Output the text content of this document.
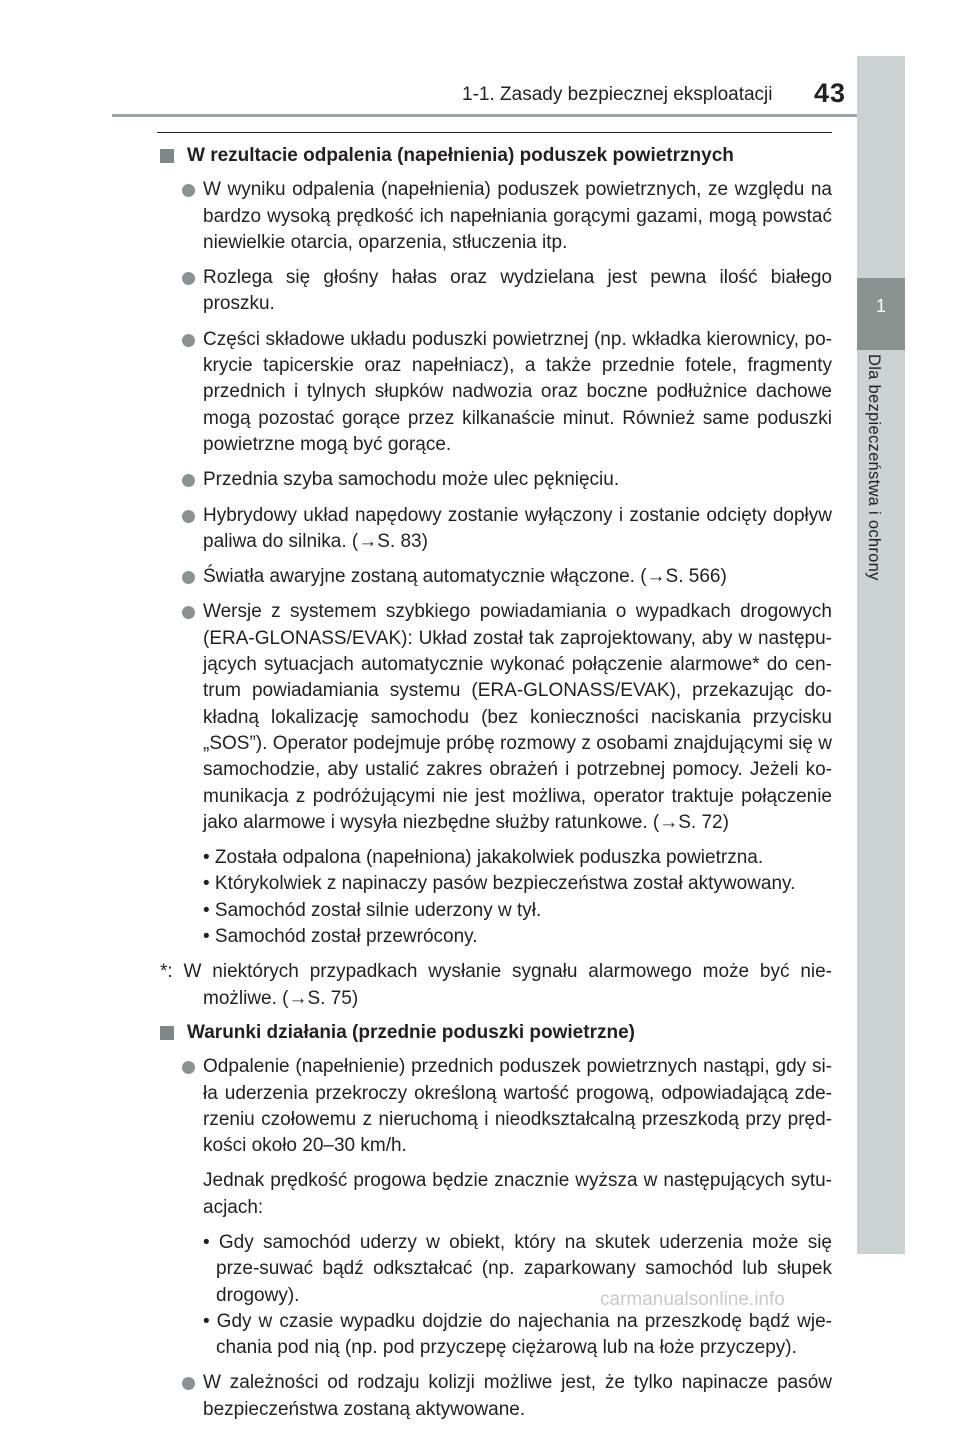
1-1. Zasady bezpiecznej eksploatacji 43
1
Dla bezpieczeństwa i ochrony
W rezultacie odpalenia (napełnienia) poduszek powietrznych
W wyniku odpalenia (napełnienia) poduszek powietrznych, ze względu na bardzo wysoką prędkość ich napełniania gorącymi gazami, mogą powstać niewielkie otarcia, oparzenia, stłuczenia itp.
Rozlega się głośny hałas oraz wydzielana jest pewna ilość białego proszku.
Części składowe układu poduszki powietrznej (np. wkładka kierownicy, po-krycie tapicerskie oraz napełniacz), a także przednie fotele, fragmenty przednich i tylnych słupków nadwozia oraz boczne podłużnice dachowe mogą pozostać gorące przez kilkanaście minut. Również same poduszki powietrzne mogą być gorące.
Przednia szyba samochodu może ulec pęknięciu.
Hybrydowy układ napędowy zostanie wyłączony i zostanie odcięty dopływ paliwa do silnika. (→S. 83)
Światła awaryjne zostaną automatycznie włączone. (→S. 566)
Wersje z systemem szybkiego powiadamiania o wypadkach drogowych (ERA-GLONASS/EVAK): Układ został tak zaprojektowany, aby w następu-jących sytuacjach automatycznie wykonać połączenie alarmowe* do cen-trum powiadamiania systemu (ERA-GLONASS/EVAK), przekazując do-kładną lokalizację samochodu (bez konieczności naciskania przycisku „SOS”). Operator podejmuje próbę rozmowy z osobami znajdującymi się w samochodzie, aby ustalić zakres obrażeń i potrzebnej pomocy. Jeżeli ko-munikacja z podróżującymi nie jest możliwa, operator traktuje połączenie jako alarmowe i wysyła niezbędne służby ratunkowe. (→S. 72)

• Została odpalona (napełniona) jakakolwiek poduszka powietrzna.

• Którykolwiek z napinaczy pasów bezpieczeństwa został aktywowany.

• Samochód został silnie uderzony w tył.

• Samochód został przewrócony.

*: W niektórych przypadkach wysłanie sygnału alarmowego może być nie-możliwe. (→S. 75)

Warunki działania (przednie poduszki powietrzne)
Odpalenie (napełnienie) przednich poduszek powietrznych nastąpi, gdy si-ła uderzenia przekroczy określoną wartość progową, odpowiadającą zde-rzeniu czołowemu z nieruchomą i nieodkształcalną przeszkodą przy pręd-kości około 20–30 km/h.

Jednak prędkość progowa będzie znacznie wyższa w następujących sytu-acjach:

• Gdy samochód uderzy w obiekt, który na skutek uderzenia może się prze-suwać bądź odkształcać (np. zaparkowany samochód lub słupek drogowy).

• Gdy w czasie wypadku dojdzie do najechania na przeszkodę bądź wje-chania pod nią (np. pod przyczepę ciężarową lub na łoże przyczepy).

W zależności od rodzaju kolizji możliwe jest, że tylko napinacze pasów bezpieczeństwa zostaną aktywowane.
carmanualsonline.info
